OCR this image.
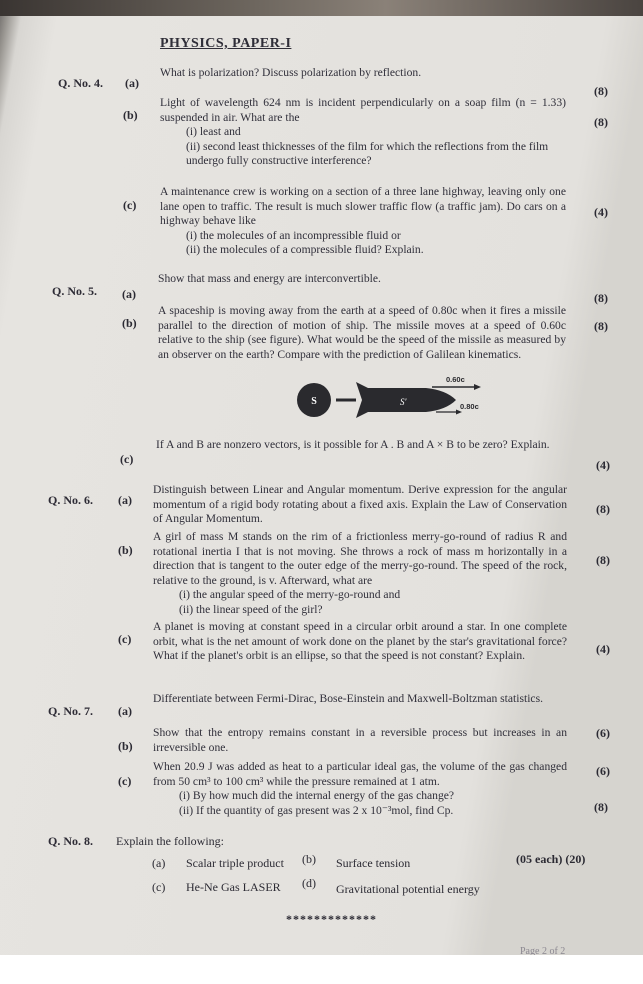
PHYSICS, PAPER-I
Q. No. 4. (a)
What is polarization? Discuss polarization by reflection.
(8)
(b)
Light of wavelength 624 nm is incident perpendicularly on a soap film (n = 1.33) suspended in air. What are the
(i) least and
(ii) second least thicknesses of the film for which the reflections from the film undergo fully constructive interference?
(8)
(c)
A maintenance crew is working on a section of a three lane highway, leaving only one lane open to traffic. The result is much slower traffic flow (a traffic jam). Do cars on a highway behave like
(i) the molecules of an incompressible fluid or
(ii) the molecules of a compressible fluid? Explain.
(4)
Q. No. 5. (a)
Show that mass and energy are interconvertible.
(8)
(b)
A spaceship is moving away from the earth at a speed of 0.80c when it fires a missile parallel to the direction of motion of ship. The missile moves at a speed of 0.60c relative to the ship (see figure). What would be the speed of the missile as measured by an observer on the earth? Compare with the prediction of Galilean kinematics.
(8)
S	S'
0.60c
0.80c
(c)
If A and B are nonzero vectors, is it possible for A . B and A × B to be zero? Explain.
(4)
Q. No. 6. (a)
Distinguish between Linear and Angular momentum. Derive expression for the angular momentum of a rigid body rotating about a fixed axis. Explain the Law of Conservation of Angular Momentum.
(8)
(b)
A girl of mass M stands on the rim of a frictionless merry-go-round of radius R and rotational inertia I that is not moving. She throws a rock of mass m horizontally in a direction that is tangent to the outer edge of the merry-go-round. The speed of the rock, relative to the ground, is v. Afterward, what are
(i) the angular speed of the merry-go-round and
(ii) the linear speed of the girl?
(8)
(c)
A planet is moving at constant speed in a circular orbit around a star. In one complete orbit, what is the net amount of work done on the planet by the star's gravitational force? What if the planet's orbit is an ellipse, so that the speed is not constant? Explain.	(4)
Q. No. 7. (a)
Differentiate between Fermi-Dirac, Bose-Einstein and Maxwell-Boltzman statistics.
(6)
(b)
Show that the entropy remains constant in a reversible process but increases in an irreversible one.
(6)
(c)
When 20.9 J was added as heat to a particular ideal gas, the volume of the gas changed from 50 cm³ to 100 cm³ while the pressure remained at 1 atm.
(i) By how much did the internal energy of the gas change?
(ii) If the quantity of gas present was 2 x 10⁻³mol, find Cp.	(8)
Q. No. 8. Explain the following:
(05 each) (20)
(a) Scalar triple product (b) Surface tension
(c) He-Ne Gas LASER (d) Gravitational potential energy
*************
Page 2 of 2
